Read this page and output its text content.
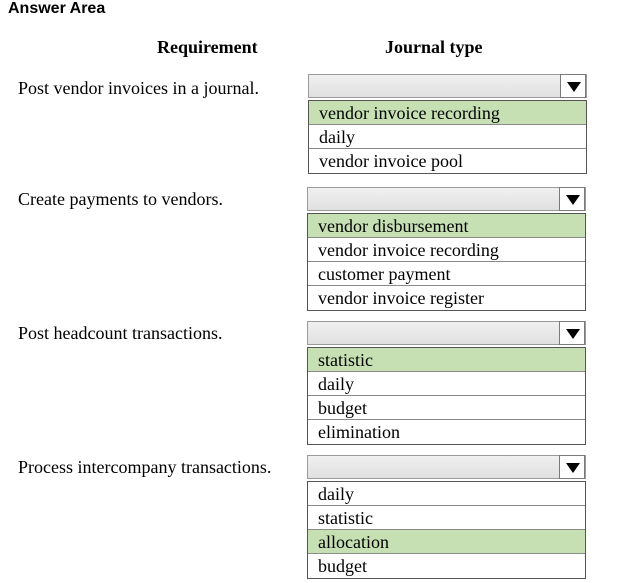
Answer Area
Requirement	Journal type
Post vendor invoices in a journal.
vendor invoice recording
daily
vendor invoice pool
Create payments to vendors.
vendor disbursement
vendor invoice recording
customer payment
vendor invoice register
Post headcount transactions.
statistic
daily
budget
elimination
Process intercompany transactions.
daily
statistic
allocation
budget
